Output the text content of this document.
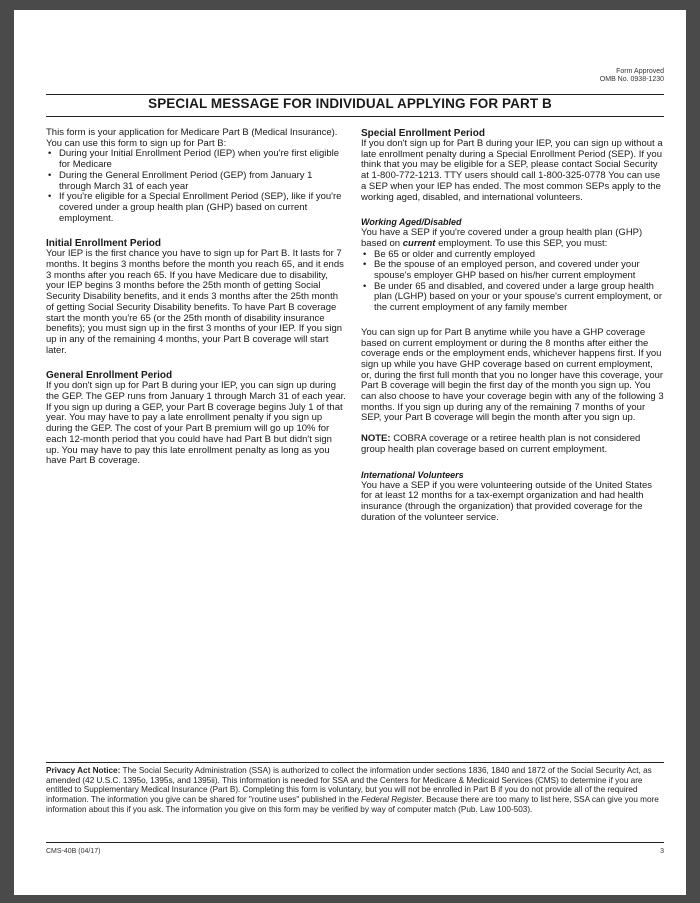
Form Approved
OMB No. 0938-1230
SPECIAL MESSAGE FOR INDIVIDUAL APPLYING FOR PART B

This form is your application for Medicare Part B (Medical Insurance). You can use this form to sign up for Part B:

• During your Initial Enrollment Period (IEP) when you're first eligible for Medicare
• During the General Enrollment Period (GEP) from January 1 through March 31 of each year
• If you're eligible for a Special Enrollment Period (SEP), like if you're covered under a group health plan (GHP) based on current employment.
Initial Enrollment Period

Your IEP is the first chance you have to sign up for Part B. It lasts for 7 months. It begins 3 months before the month you reach 65, and it ends 3 months after you reach 65. If you have Medicare due to disability, your IEP begins 3 months before the 25th month of getting Social Security Disability benefits, and it ends 3 months after the 25th month of getting Social Security Disability benefits. To have Part B coverage start the month you're 65 (or the 25th month of disability insurance benefits); you must sign up in the first 3 months of your IEP. If you sign up in any of the remaining 4 months, your Part B coverage will start later.

General Enrollment Period

If you don't sign up for Part B during your IEP, you can sign up during the GEP. The GEP runs from January 1 through March 31 of each year. If you sign up during a GEP, your Part B coverage begins July 1 of that year. You may have to pay a late enrollment penalty if you sign up during the GEP. The cost of your Part B premium will go up 10% for each 12-month period that you could have had Part B but didn't sign up. You may have to pay this late enrollment penalty as long as you have Part B coverage.

Special Enrollment Period

If you don't sign up for Part B during your IEP, you can sign up without a late enrollment penalty during a Special Enrollment Period (SEP). If you think that you may be eligible for a SEP, please contact Social Security at 1-800-772-1213. TTY users should call 1-800-325-0778 You can use a SEP when your IEP has ended. The most common SEPs apply to the working aged, disabled, and international volunteers.

Working Aged/Disabled

You have a SEP if you're covered under a group health plan (GHP) based on current employment. To use this SEP, you must:

• Be 65 or older and currently employed
• Be the spouse of an employed person, and covered under your spouse's employer GHP based on his/her current employment
• Be under 65 and disabled, and covered under a large group health plan (LGHP) based on your or your spouse's current employment, or the current employment of any family member

You can sign up for Part B anytime while you have a GHP coverage based on current employment or during the 8 months after either the coverage ends or the employment ends, whichever happens first. If you sign up while you have GHP coverage based on current employment, or, during the first full month that you no longer have this coverage, your Part B coverage will begin the first day of the month you sign up. You can also choose to have your coverage begin with any of the following 3 months. If you sign up during any of the remaining 7 months of your SEP, your Part B coverage will begin the month after you sign up.

NOTE: COBRA coverage or a retiree health plan is not considered group health plan coverage based on current employment.

International Volunteers

You have a SEP if you were volunteering outside of the United States for at least 12 months for a tax-exempt organization and had health insurance (through the organization) that provided coverage for the duration of the volunteer service.

Privacy Act Notice: The Social Security Administration (SSA) is authorized to collect the information under sections 1836, 1840 and 1872 of the Social Security Act, as amended (42 U.S.C. 1395o, 1395s, and 1395ii). This information is needed for SSA and the Centers for Medicare & Medicaid Services (CMS) to determine if you are entitled to Supplementary Medical Insurance (Part B). Completing this form is voluntary, but you will not be enrolled in Part B if you do not provide all of the required information. The information you give can be shared for "routine uses" published in the Federal Register. Because there are too many to list here, SSA can give you more information about this if you ask. The information you give on this form may be verified by way of computer match (Pub. Law 100-503).
CMS-40B (04/17)	3
